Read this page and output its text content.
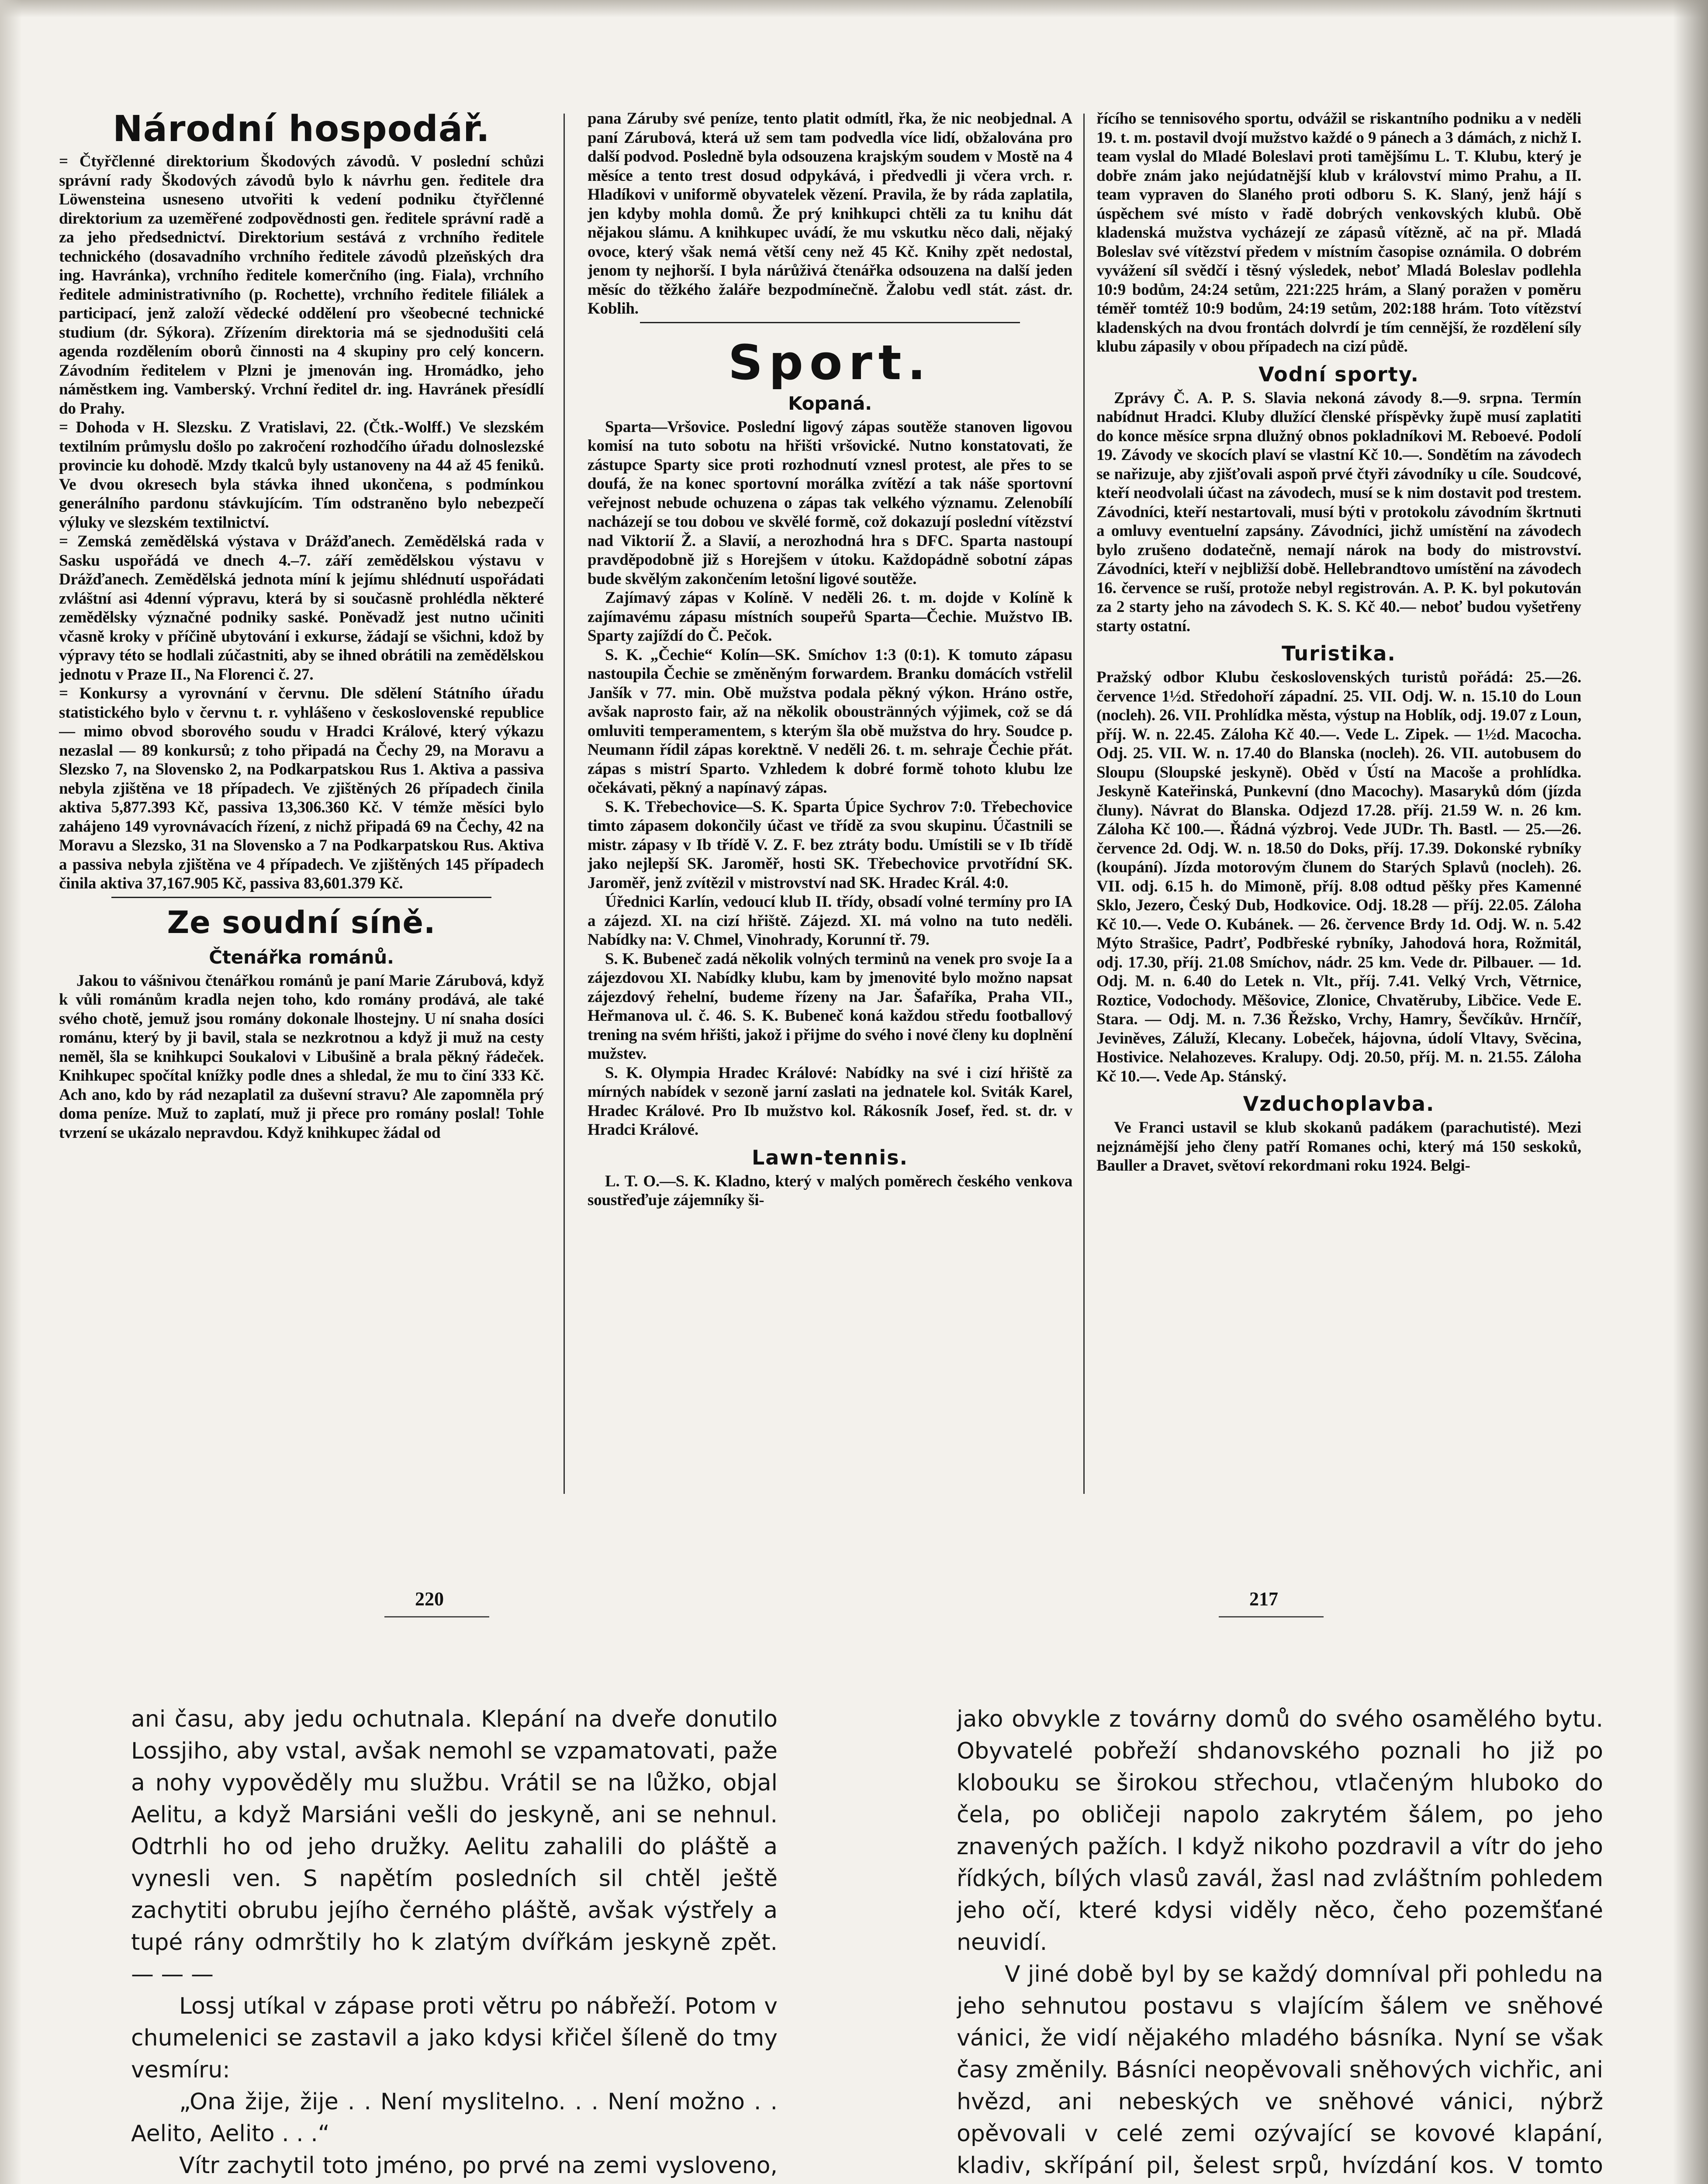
Národní hospodář.

= Čtyřčlenné direktorium Škodových závodů. V poslední schůzi správní rady Škodových závodů bylo k návrhu gen. ředitele dra Löwensteina usneseno utvořiti k vedení podniku čtyřčlenné direktorium za uzeměřené zodpovědnosti gen. ředitele správní radě a za jeho předsednictví. Direktorium sestává z vrchního ředitele technického (dosavadního vrchního ředitele závodů plzeňských dra ing. Havránka), vrchního ředitele komerčního (ing. Fiala), vrchního ředitele administrativního (p. Rochette), vrchního ředitele filiálek a participací, jenž založí vědecké oddělení pro všeobecné technické studium (dr. Sýkora). Zřízením direktoria má se sjednodušiti celá agenda rozdělením oborů činnosti na 4 skupiny pro celý koncern. Závodním ředitelem v Plzni je jmenován ing. Hromádko, jeho náměstkem ing. Vamberský. Vrchní ředitel dr. ing. Havránek přesídlí do Prahy.

= Dohoda v H. Slezsku. Z Vratislavi, 22. (Čtk.-Wolff.) Ve slezském textilním průmyslu došlo po zakročení rozhodčího úřadu dolnoslezské provincie ku dohodě. Mzdy tkalců byly ustanoveny na 44 až 45 feniků. Ve dvou okresech byla stávka ihned ukončena, s podmínkou generálního pardonu stávkujícím. Tím odstraněno bylo nebezpečí výluky ve slezském textilnictví.

= Zemská zemědělská výstava v Drážďanech. Zemědělská rada v Sasku uspořádá ve dnech 4.–7. září zemědělskou výstavu v Drážďanech. Zemědělská jednota míní k jejímu shlédnutí uspořádati zvláštní asi 4denní výpravu, která by si současně prohlédla některé zemědělsky význačné podniky saské. Poněvadž jest nutno učiniti včasně kroky v příčině ubytování i exkurse, žádají se všichni, kdož by výpravy této se hodlali zúčastniti, aby se ihned obrátili na zemědělskou jednotu v Praze II., Na Florenci č. 27.

= Konkursy a vyrovnání v červnu. Dle sdělení Státního úřadu statistického bylo v červnu t. r. vyhlášeno v československé republice — mimo obvod sborového soudu v Hradci Králové, který výkazu nezaslal — 89 konkursů; z toho připadá na Čechy 29, na Moravu a Slezsko 7, na Slovensko 2, na Podkarpatskou Rus 1. Aktiva a passiva nebyla zjištěna ve 18 případech. Ve zjištěných 26 případech činila aktiva 5,877.393 Kč, passiva 13,306.360 Kč. V témže měsíci bylo zahájeno 149 vyrovnávacích řízení, z nichž připadá 69 na Čechy, 42 na Moravu a Slezsko, 31 na Slovensko a 7 na Podkarpatskou Rus. Aktiva a passiva nebyla zjištěna ve 4 případech. Ve zjištěných 145 případech činila aktiva 37,167.905 Kč, passiva 83,601.379 Kč.

Ze soudní síně.
Čtenářka románů.

Jakou to vášnivou čtenářkou románů je paní Marie Zárubová, když k vůli románům kradla nejen toho, kdo romány prodává, ale také svého chotě, jemuž jsou romány dokonale lhostejny. U ní snaha dosíci románu, který by ji bavil, stala se nezkrotnou a když ji muž na cesty neměl, šla se knihkupci Soukalovi v Libušině a brala pěkný řádeček. Knihkupec spočítal knížky podle dnes a shledal, že mu to činí 333 Kč. Ach ano, kdo by rád nezaplatil za duševní stravu? Ale zapomněla prý doma peníze. Muž to zaplatí, muž ji přece pro romány poslal! Tohle tvrzení se ukázalo nepravdou. Když knihkupec žádal od

pana Záruby své peníze, tento platit odmítl, řka, že nic neobjednal. A paní Zárubová, která už sem tam podvedla více lidí, obžalována pro další podvod. Posledně byla odsouzena krajským soudem v Mostě na 4 měsíce a tento trest dosud odpykává, i předvedli ji včera vrch. r. Hladíkovi v uniformě obyvatelek vězení. Pravila, že by ráda zaplatila, jen kdyby mohla domů. Že prý knihkupci chtěli za tu knihu dát nějakou slámu. A knihkupec uvádí, že mu vskutku něco dali, nějaký ovoce, který však nemá větší ceny než 45 Kč. Knihy zpět nedostal, jenom ty nejhorší. I byla nárůživá čtenářka odsouzena na další jeden měsíc do těžkého žaláře bezpodmínečně. Žalobu vedl stát. zást. dr. Koblih.

Sport.
Kopaná.

Sparta—Vršovice. Poslední ligový zápas soutěže stanoven ligovou komisí na tuto sobotu na hřišti vršovické. Nutno konstatovati, že zástupce Sparty sice proti rozhodnutí vznesl protest, ale přes to se doufá, že na konec sportovní morálka zvítězí a tak náše sportovní veřejnost nebude ochuzena o zápas tak velkého významu. Zelenobílí nacházejí se tou dobou ve skvělé formě, což dokazují poslední vítězství nad Viktorií Ž. a Slavií, a nerozhodná hra s DFC. Sparta nastoupí pravděpodobně již s Horejšem v útoku. Každopádně sobotní zápas bude skvělým zakončením letošní ligové soutěže.

Zajímavý zápas v Kolíně. V neděli 26. t. m. dojde v Kolíně k zajímavému zápasu místních soupeřů Sparta—Čechie. Mužstvo IB. Sparty zajíždí do Č. Pečok.

S. K. „Čechie“ Kolín—SK. Smíchov 1:3 (0:1). K tomuto zápasu nastoupila Čechie se změněným forwardem. Branku domácích vstřelil Janšík v 77. min. Obě mužstva podala pěkný výkon. Hráno ostře, avšak naprosto fair, až na několik oboustränných výjimek, což se dá omluviti temperamentem, s kterým šla obě mužstva do hry. Soudce p. Neumann řídil zápas korektně. V neděli 26. t. m. sehraje Čechie přát. zápas s mistrí Sparto. Vzhledem k dobré formě tohoto klubu lze očekávati, pěkný a napínavý zápas.

S. K. Třebechovice—S. K. Sparta Úpice Sychrov 7:0. Třebechovice timto zápasem dokončily účast ve třídě za svou skupinu. Účastnili se mistr. zápasy v Ib třídě V. Z. F. bez ztráty bodu. Umístili se v Ib třídě jako nejlepší SK. Jaroměř, hosti SK. Třebechovice prvotřídní SK. Jaroměř, jenž zvítězil v mistrovství nad SK. Hradec Král. 4:0.

Úřednici Karlín, vedoucí klub II. třídy, obsadí volné termíny pro IA a zájezd. XI. na cizí hřiště. Zájezd. XI. má volno na tuto neděli. Nabídky na: V. Chmel, Vinohrady, Korunní tř. 79.

S. K. Bubeneč zadá několik volných terminů na venek pro svoje Ia a zájezdovou XI. Nabídky klubu, kam by jmenovité bylo možno napsat zájezdový řehelní, budeme řízeny na Jar. Šafaříka, Praha VII., Heřmanova ul. č. 46. S. K. Bubeneč koná každou středu footballový trening na svém hřišti, jakož i přijme do svého i nové členy ku doplnění mužstev.

S. K. Olympia Hradec Králové: Nabídky na své i cizí hřiště za mírných nabídek v sezoně jarní zaslati na jednatele kol. Sviták Karel, Hradec Králové. Pro Ib mužstvo kol. Rákosník Josef, řed. st. dr. v Hradci Králové.

Lawn-tennis.

L. T. O.—S. K. Kladno, který v malých poměrech českého venkova soustřeďuje zájemníky ši-

řícího se tennisového sportu, odvážil se riskantního podniku a v neděli 19. t. m. postavil dvojí mužstvo každé o 9 pánech a 3 dámách, z nichž I. team vyslal do Mladé Boleslavi proti tamějšímu L. T. Klubu, který je dobře znám jako nejúdatnější klub v království mimo Prahu, a II. team vypraven do Slaného proti odboru S. K. Slaný, jenž hájí s úspěchem své místo v řadě dobrých venkovských klubů. Obě kladenská mužstva vycházejí ze zápasů vítězně, ač na př. Mladá Boleslav své vítězství předem v místním časopise oznámila. O dobrém vyvážení síl svědčí i těsný výsledek, neboť Mladá Boleslav podlehla 10:9 bodům, 24:24 setům, 221:225 hrám, a Slaný poražen v poměru téměř tomtéž 10:9 bodům, 24:19 setům, 202:188 hrám. Toto vítězství kladenských na dvou frontách dolvrdí je tím cennější, že rozdělení síly klubu zápasily v obou případech na cizí půdě.

Vodní sporty.

Zprávy Č. A. P. S. Slavia nekoná závody 8.—9. srpna. Termín nabídnut Hradci. Kluby dlužící členské příspěvky župě musí zaplatiti do konce měsíce srpna dlužný obnos pokladníkovi M. Reboevé. Podolí 19. Závody ve skocích plaví se vlastní Kč 10.—. Sondětím na závodech se nařizuje, aby zjišťovali aspoň prvé čtyři závodníky u cíle. Soudcové, kteří neodvolali účast na závodech, musí se k nim dostavit pod trestem. Závodníci, kteří nestartovali, musí býti v protokolu závodním škrtnuti a omluvy eventuelní zapsány. Závodníci, jichž umístění na závodech bylo zrušeno dodatečně, nemají nárok na body do mistrovství. Závodníci, kteří v nejbližší době. Hellebrandtovo umístění na závodech 16. července se ruší, protože nebyl registrován. A. P. K. byl pokutován za 2 starty jeho na závodech S. K. S. Kč 40.— neboť budou vyšetřeny starty ostatní.

Turistika.

Pražský odbor Klubu československých turistů pořádá: 25.—26. července 1½d. Středohoří západní. 25. VII. Odj. W. n. 15.10 do Loun (nocleh). 26. VII. Prohlídka města, výstup na Hoblík, odj. 19.07 z Loun, příj. W. n. 22.45. Záloha Kč 40.—. Vede L. Zipek. — 1½d. Macocha. Odj. 25. VII. W. n. 17.40 do Blanska (nocleh). 26. VII. autobusem do Sloupu (Sloupské jeskyně). Oběd v Ústí na Macoše a prohlídka. Jeskyně Kateřinská, Punkevní (dno Macochy). Masaryků dóm (jízda čluny). Návrat do Blanska. Odjezd 17.28. příj. 21.59 W. n. 26 km. Záloha Kč 100.—. Řádná výzbroj. Vede JUDr. Th. Bastl. — 25.—26. července 2d. Odj. W. n. 18.50 do Doks, příj. 17.39. Dokonské rybníky (koupání). Jízda motorovým člunem do Starých Splavů (nocleh). 26. VII. odj. 6.15 h. do Mimoně, příj. 8.08 odtud pěšky přes Kamenné Sklo, Jezero, Český Dub, Hodkovice. Odj. 18.28 — příj. 22.05. Záloha Kč 10.—. Vede O. Kubánek. — 26. července Brdy 1d. Odj. W. n. 5.42 Mýto Strašice, Padrť, Podbřeské rybníky, Jahodová hora, Rožmitál, odj. 17.30, příj. 21.08 Smíchov, nádr. 25 km. Vede dr. Pilbauer. — 1d. Odj. M. n. 6.40 do Letek n. Vlt., příj. 7.41. Velký Vrch, Větrnice, Roztice, Vodochody. Měšovice, Zlonice, Chvatěruby, Libčice. Vede E. Stara. — Odj. M. n. 7.36 Řežsko, Vrchy, Hamry, Ševčíkův. Hrnčíř, Jeviněves, Záluží, Klecany. Lobeček, hájovna, údolí Vltavy, Svěcina, Hostivice. Nelahozeves. Kralupy. Odj. 20.50, příj. M. n. 21.55. Záloha Kč 10.—. Vede Ap. Stánský.

Vzduchoplavba.

Ve Franci ustavil se klub skokanů padákem (parachutisté). Mezi nejznámější jeho členy patří Romanes ochi, který má 150 seskoků, Bauller a Dravet, světoví rekordmani roku 1924. Belgi-

220	217

ani času, aby jedu ochutnala. Klepání na dveře donutilo Lossjiho, aby vstal, avšak nemohl se vzpamatovati, paže a nohy vypověděly mu službu. Vrátil se na lůžko, objal Aelitu, a když Marsiáni vešli do jeskyně, ani se nehnul. Odtrhli ho od jeho družky. Aelitu zahalili do pláště a vynesli ven. S napětím posledních sil chtěl ještě zachytiti obrubu jejího černého pláště, avšak výstřely a tupé rány odmrštily ho k zlatým dvířkám jeskyně zpět. — — —

Lossj utíkal v zápase proti větru po nábřeží. Potom v chumelenici se zastavil a jako kdysi křičel šíleně do tmy vesmíru:

„Ona žije, žije . . Není myslitelno. . . Není možno . . Aelito, Aelito . . .“

Vítr zachytil toto jméno, po prvé na zemi vysloveno,

jako obvykle z továrny domů do svého osamělého bytu. Obyvatelé pobřeží shdanovského poznali ho již po klobouku se širokou střechou, vtlačeným hluboko do čela, po obličeji napolo zakrytém šálem, po jeho znavených pažích. I když nikoho pozdravil a vítr do jeho řídkých, bílých vlasů zavál, žasl nad zvláštním pohledem jeho očí, které kdysi viděly něco, čeho pozemšťané neuvidí.

V jiné době byl by se každý domníval při pohledu na jeho sehnutou postavu s vlajícím šálem ve sněhové vánici, že vidí nějakého mladého básníka. Nyní se však časy změnily. Básníci neopěvovali sněhových vichřic, ani hvězd, ani nebeských ve sněhové vánici, nýbrž opěvovali v celé zemi ozývající se kovové klapání, kladiv, skřípání pil, šelest srpů, hvízdání kos. V tomto
